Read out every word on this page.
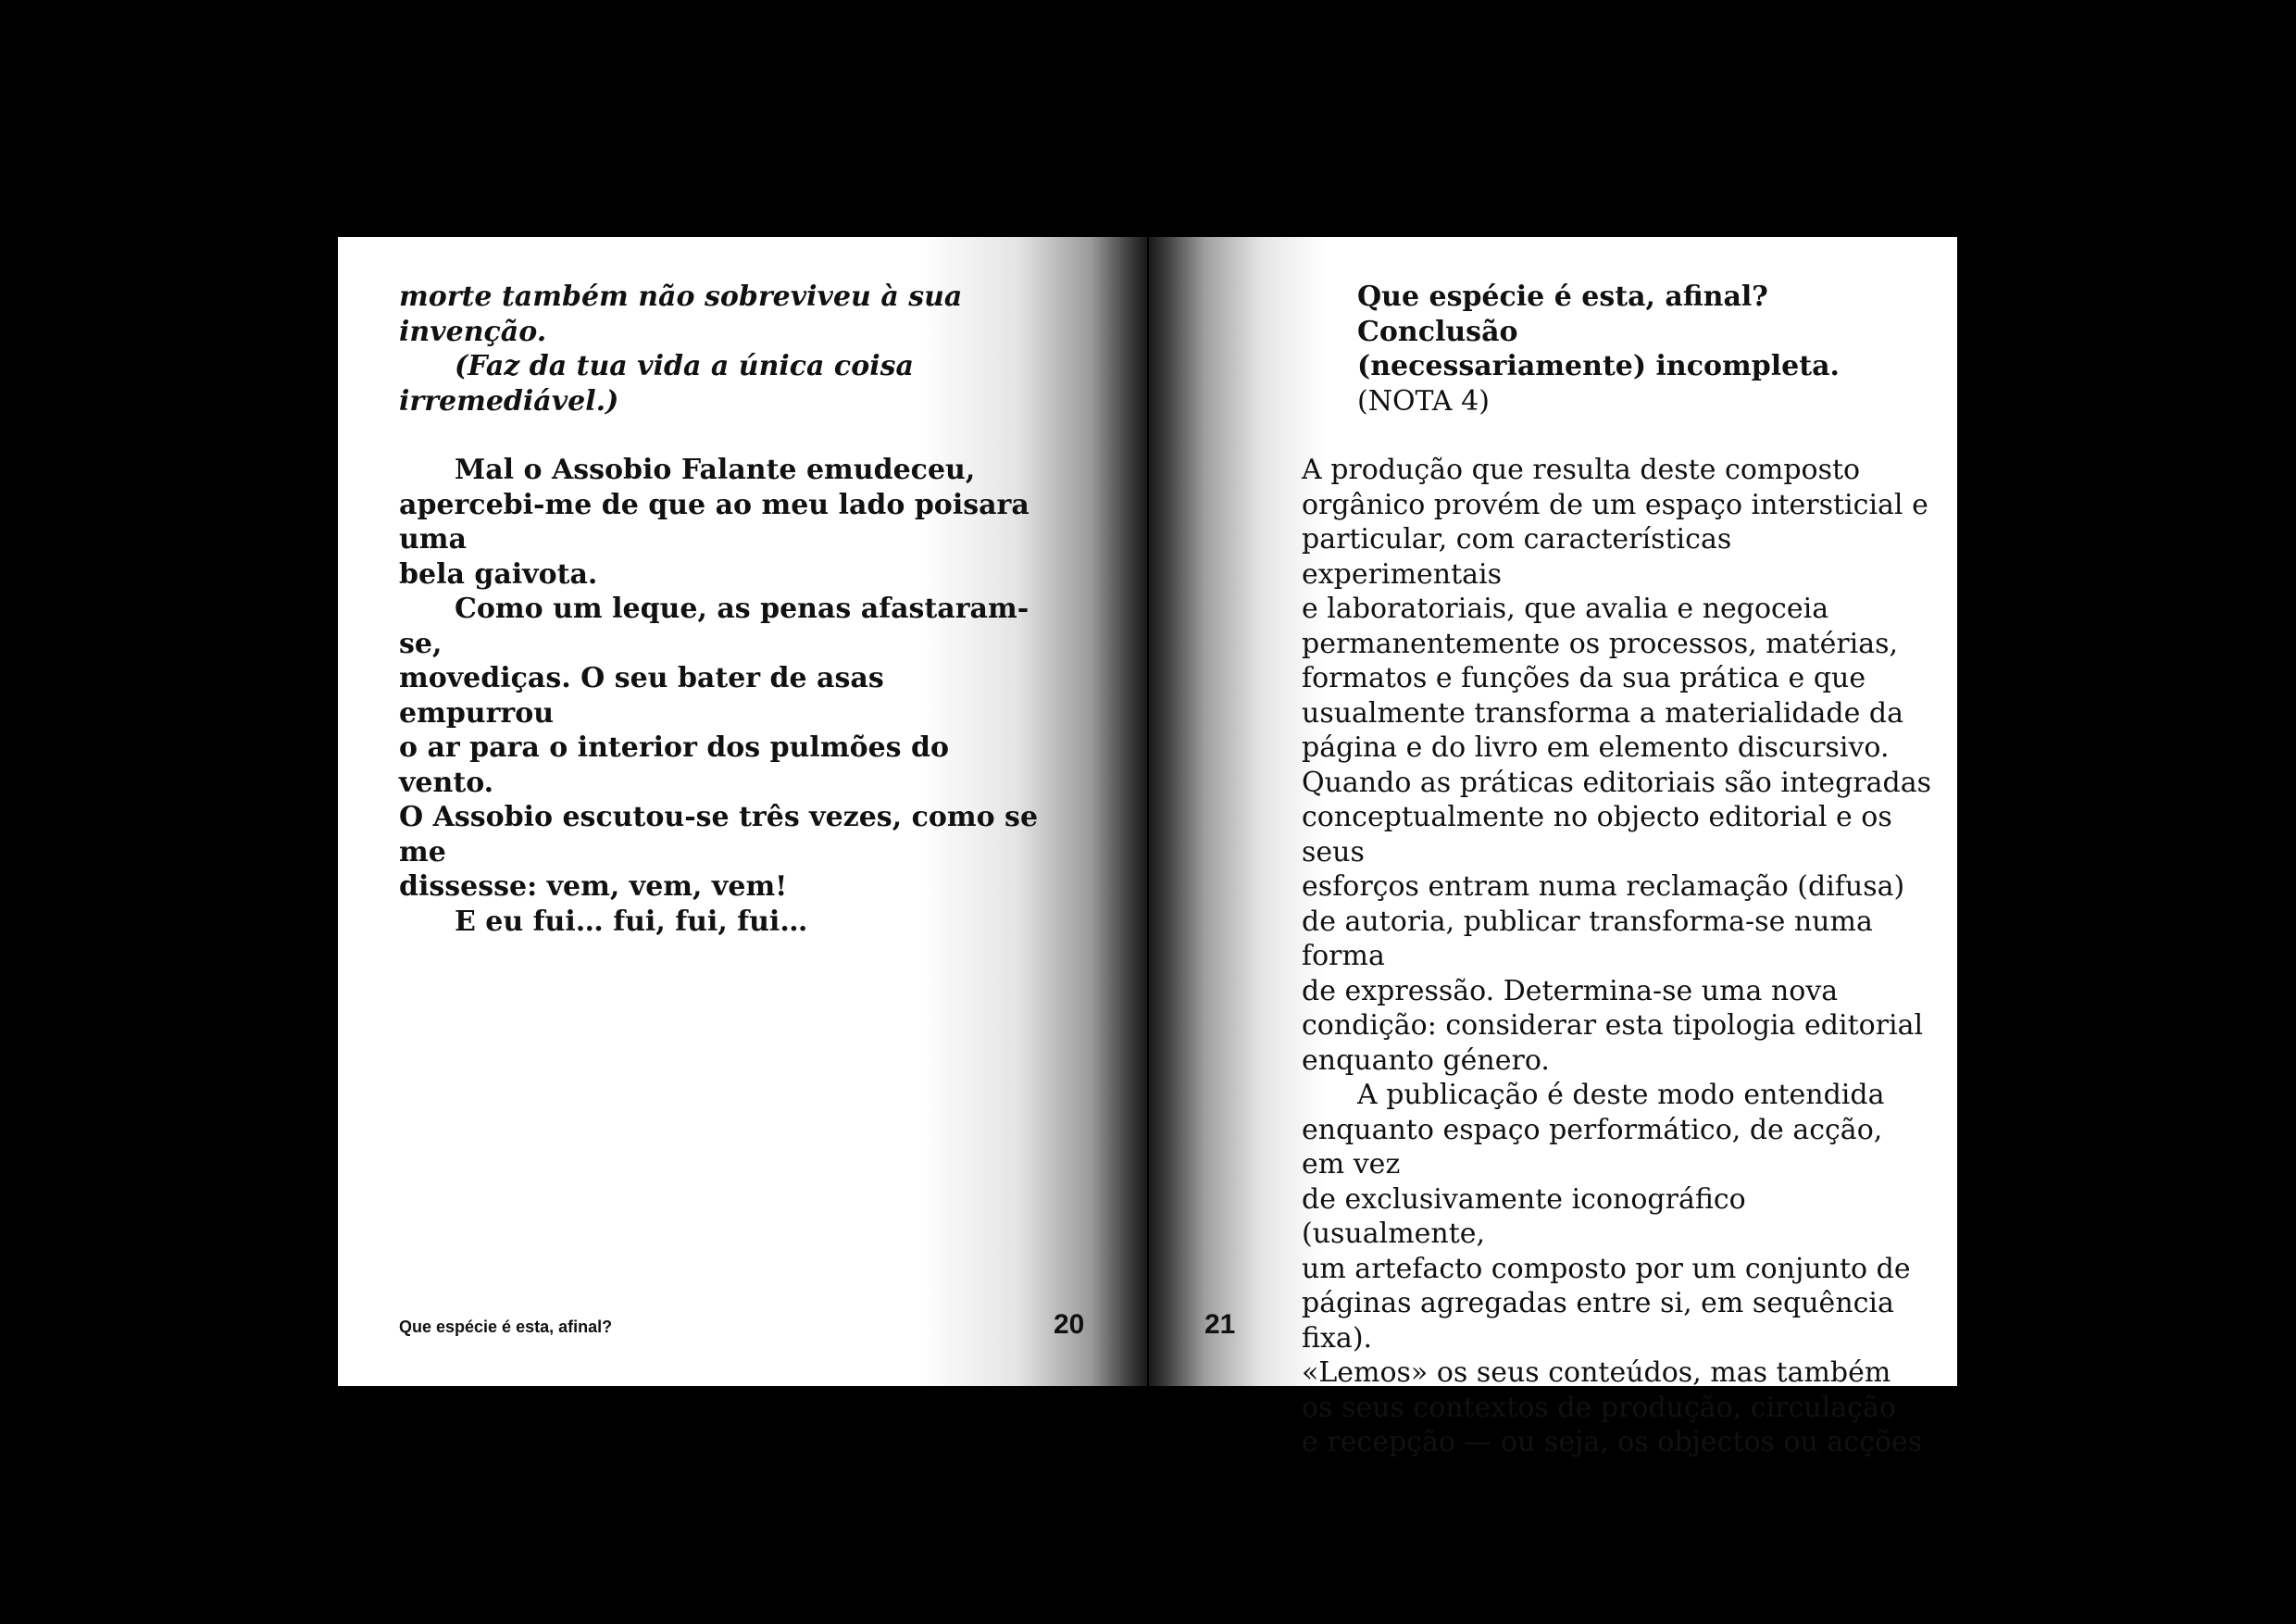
morte também não sobreviveu à sua

invenção.

(Faz da tua vida a única coisa

irremediável.)

Mal o Assobio Falante emudeceu,

apercebi-me de que ao meu lado poisara uma

bela gaivota.

Como um leque, as penas afastaram-se,

movediças. O seu bater de asas empurrou

o ar para o interior dos pulmões do vento.

O Assobio escutou-se três vezes, como se me

dissesse: vem, vem, vem!

E eu fui… fui, fui, fui…

Que espécie é esta, afinal?	20

Que espécie é esta, afinal? Conclusão

(necessariamente) incompleta.

(NOTA 4)

A produção que resulta deste composto

orgânico provém de um espaço intersticial e

particular, com características experimentais

e laboratoriais, que avalia e negoceia

permanentemente os processos, matérias,

formatos e funções da sua prática e que

usualmente transforma a materialidade da

página e do livro em elemento discursivo.

Quando as práticas editoriais são integradas

conceptualmente no objecto editorial e os seus

esforços entram numa reclamação (difusa)

de autoria, publicar transforma-se numa forma

de expressão. Determina-se uma nova

condição: considerar esta tipologia editorial

enquanto género.

A publicação é deste modo entendida

enquanto espaço performático, de acção, em vez

de exclusivamente iconográfico (usualmente,

um artefacto composto por um conjunto de

páginas agregadas entre si, em sequência fixa).

«Lemos» os seus conteúdos, mas também

os seus contextos de produção, circulação

e recepção — ou seja, os objectos ou acções

21
